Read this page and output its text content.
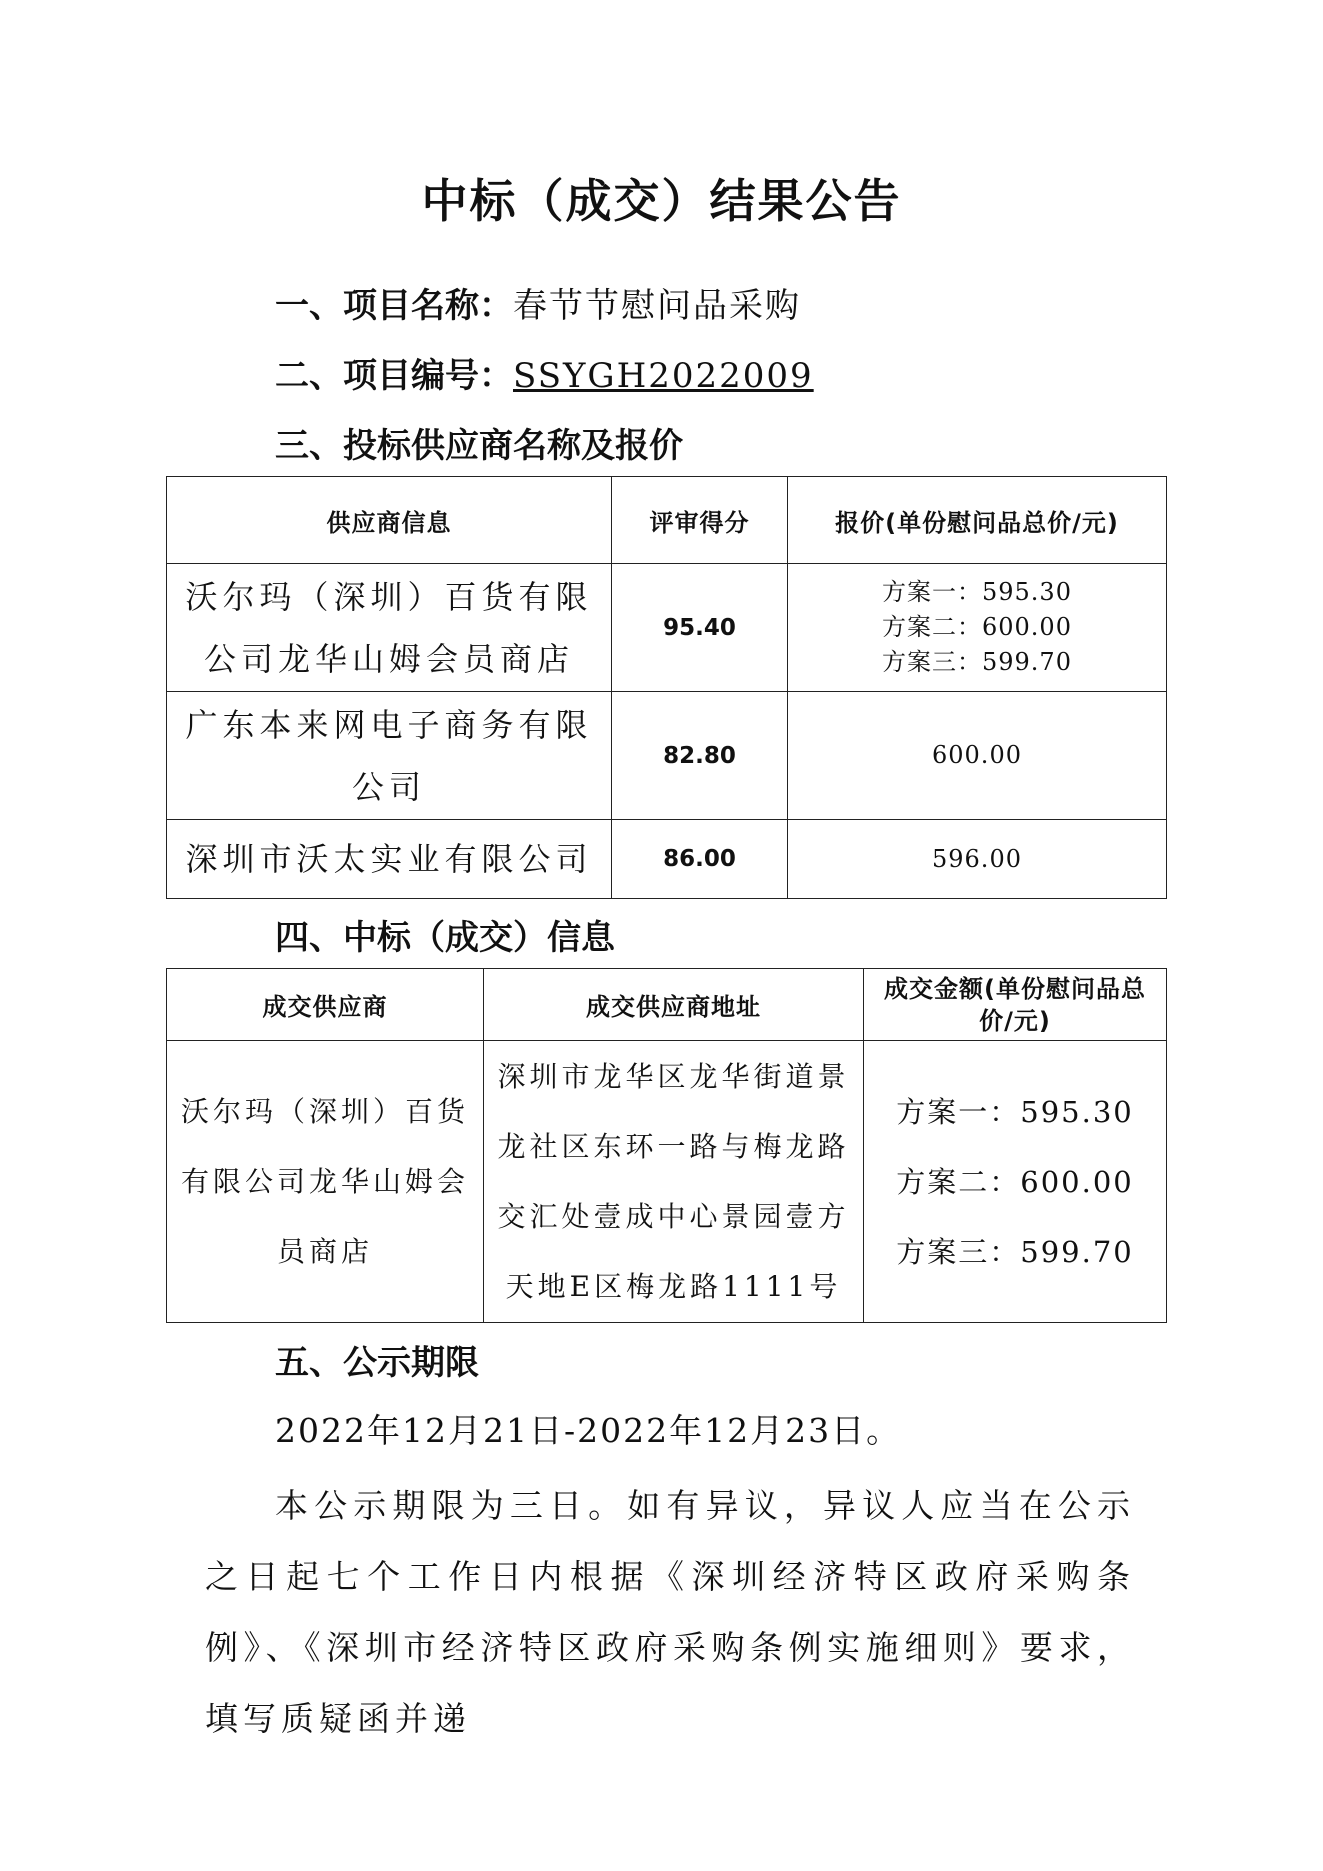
中标（成交）结果公告
一、项目名称：春节节慰问品采购
二、项目编号：SSYGH2022009
三、投标供应商名称及报价
供应商信息	评审得分	报价(单份慰问品总价/元)
沃尔玛（深圳）百货有限公司龙华山姆会员商店	95.40	方案一：595.30
方案二：600.00
方案三：599.70

广东本来网电子商务有限公司	82.80	600.00
深圳市沃太实业有限公司	86.00	596.00
四、中标（成交）信息
成交供应商	成交供应商地址	成交金额(单份慰问品总价/元)
沃尔玛（深圳）百货有限公司龙华山姆会员商店	深圳市龙华区龙华街道景龙社区东环一路与梅龙路交汇处壹成中心景园壹方天地E区梅龙路1111号	方案一：595.30
方案二：600.00
方案三：599.70
五、公示期限
2022年12月21日-2022年12月23日。
本公示期限为三日。如有异议，异议人应当在公示之日起七个工作日内根据《深圳经济特区政府采购条例》、《深圳市经济特区政府采购条例实施细则》要求，填写质疑函并递
